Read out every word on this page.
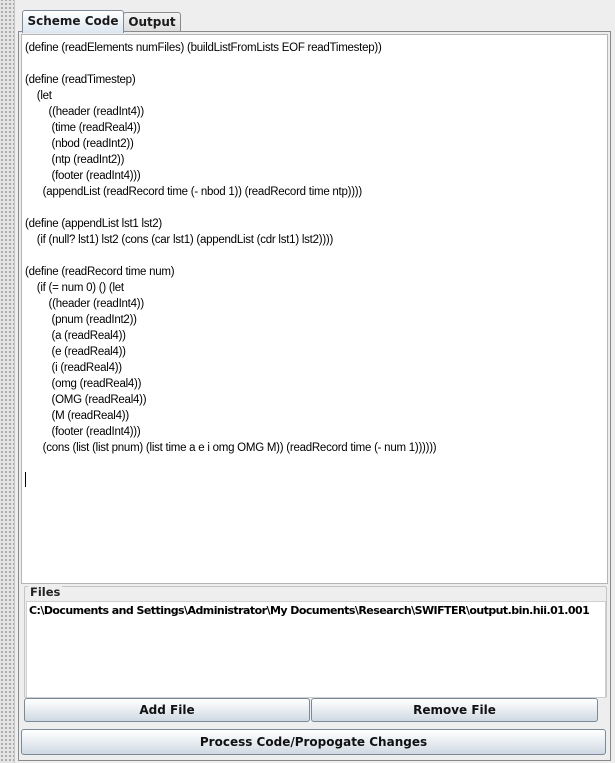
Scheme Code Output
(define (readElements numFiles) (buildListFromLists EOF readTimestep))

(define (readTimestep)
(let
((header (readInt4))
(time (readReal4))
(nbod (readInt2))
(ntp (readInt2))
(footer (readInt4)))
(appendList (readRecord time (- nbod 1)) (readRecord time ntp))))

(define (appendList lst1 lst2)
(if (null? lst1) lst2 (cons (car lst1) (appendList (cdr lst1) lst2))))

(define (readRecord time num)
(if (= num 0) () (let
((header (readInt4))
(pnum (readInt2))
(a (readReal4))
(e (readReal4))
(i (readReal4))
(omg (readReal4))
(OMG (readReal4))
(M (readReal4))
(footer (readInt4)))
(cons (list (list pnum) (list time a e i omg OMG M)) (readRecord time (- num 1))))))

C:\Documents and Settings\Administrator\My Documents\Research\SWIFTER\output.bin.hii.01.001
Files
Add File	Remove File
Process Code/Propogate Changes
